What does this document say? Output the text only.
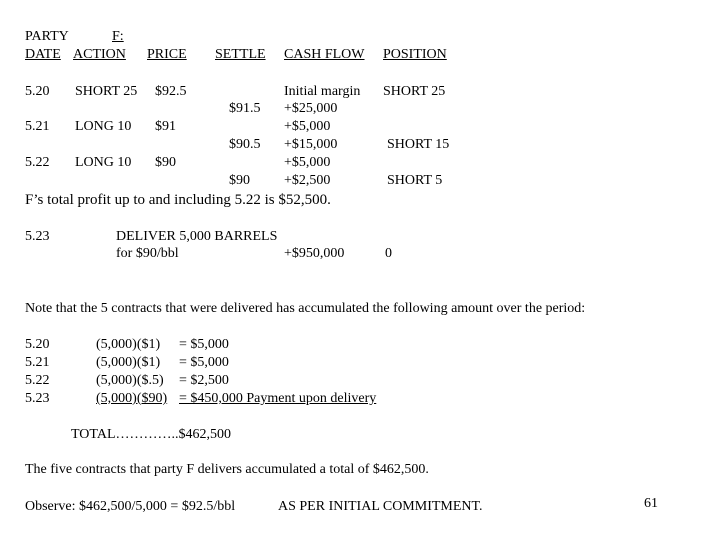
PARTY	F:
DATE ACTION PRICE SETTLE CASH FLOW POSITION
5.20 SHORT 25 $92.5	Initial margin SHORT 25
$91.5 +$25,000
5.21 LONG 10 $91	+$5,000
$90.5 +$15,000	SHORT 15
5.22 LONG 10 $90	+$5,000
$90 +$2,500	SHORT 5
F’s total profit up to and including 5.22 is $52,500.
5.23	DELIVER 5,000 BARRELS
for $90/bbl	+$950,000	0
Note that the 5 contracts that were delivered has accumulated the following amount over the period:
5.20	(5,000)($1) = $5,000
5.21	(5,000)($1) = $5,000
5.22	(5,000)($.5) = $2,500
5.23	(5,000)($90) = $450,000 Payment upon delivery
TOTAL…………..$462,500
The five contracts that party F delivers accumulated a total of $462,500.
Observe: $462,500/5,000 = $92.5/bbl	AS PER INITIAL COMMITMENT.	61
